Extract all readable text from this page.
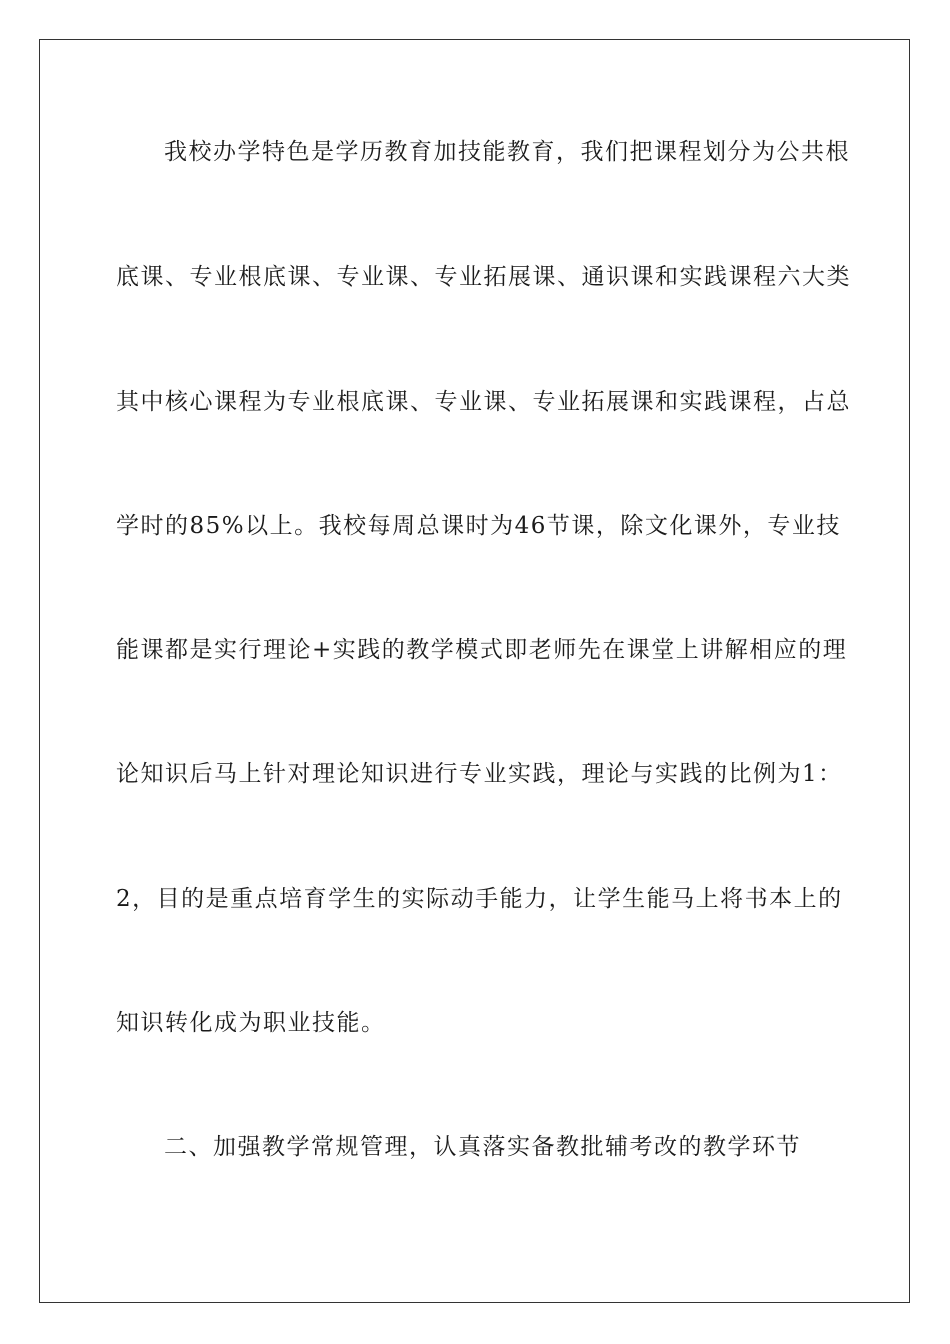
我校办学特色是学历教育加技能教育，我们把课程划分为公共根
底课、专业根底课、专业课、专业拓展课、通识课和实践课程六大类
其中核心课程为专业根底课、专业课、专业拓展课和实践课程，占总
学时的85%以上。我校每周总课时为46节课，除文化课外，专业技
能课都是实行理论+实践的教学模式即老师先在课堂上讲解相应的理
论知识后马上针对理论知识进行专业实践，理论与实践的比例为1：
2，目的是重点培育学生的实际动手能力，让学生能马上将书本上的
知识转化成为职业技能。
二、加强教学常规管理，认真落实备教批辅考改的教学环节
